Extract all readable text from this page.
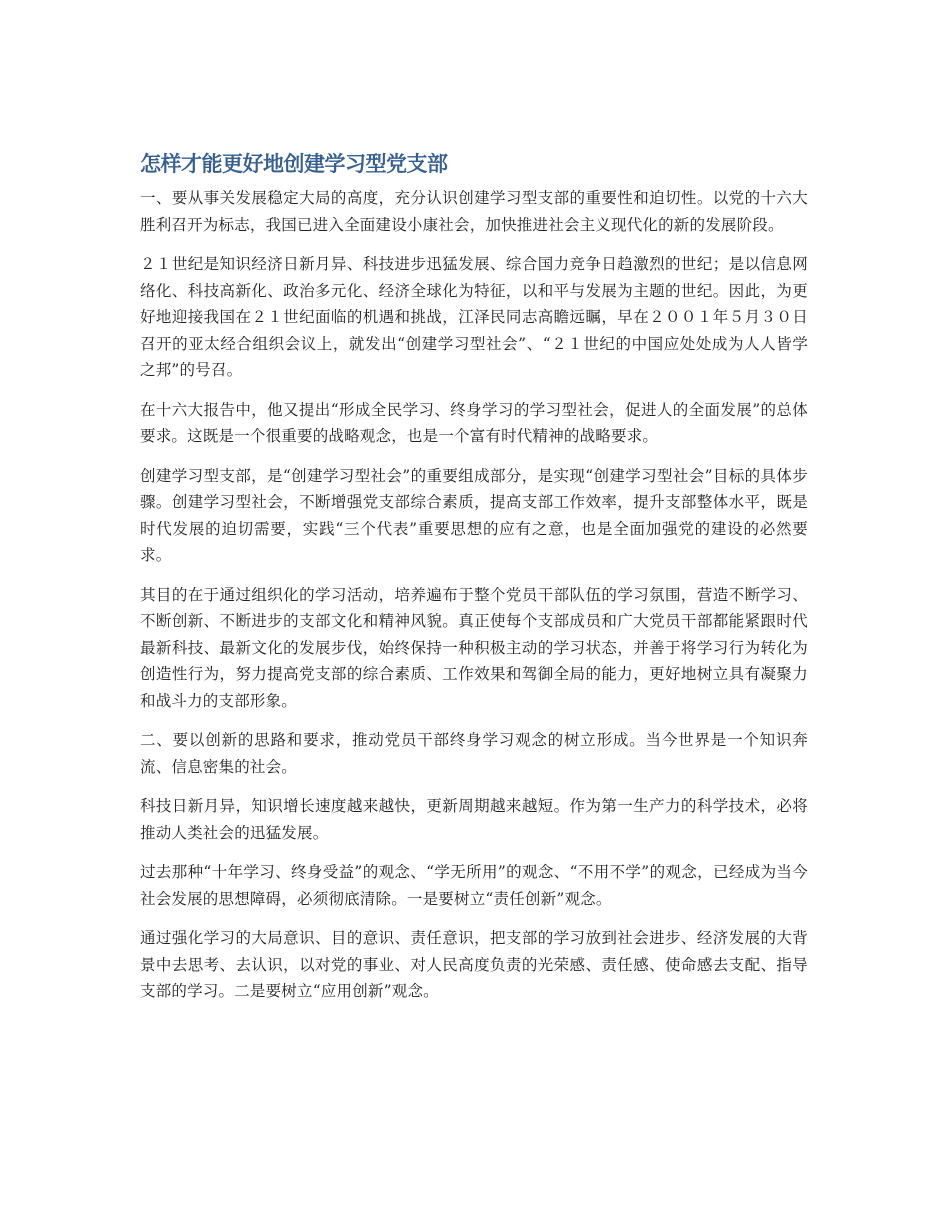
怎样才能更好地创建学习型党支部

一、要从事关发展稳定大局的高度，充分认识创建学习型支部的重要性和迫切性。以党的十六大胜利召开为标志，我国已进入全面建设小康社会，加快推进社会主义现代化的新的发展阶段。

２１世纪是知识经济日新月异、科技进步迅猛发展、综合国力竞争日趋激烈的世纪；是以信息网络化、科技高新化、政治多元化、经济全球化为特征，以和平与发展为主题的世纪。因此，为更好地迎接我国在２１世纪面临的机遇和挑战，江泽民同志高瞻远瞩，早在２００１年５月３０日召开的亚太经合组织会议上，就发出“创建学习型社会”、“２１世纪的中国应处处成为人人皆学之邦”的号召。

在十六大报告中，他又提出“形成全民学习、终身学习的学习型社会，促进人的全面发展”的总体要求。这既是一个很重要的战略观念，也是一个富有时代精神的战略要求。

创建学习型支部，是“创建学习型社会”的重要组成部分，是实现“创建学习型社会”目标的具体步骤。创建学习型社会，不断增强党支部综合素质，提高支部工作效率，提升支部整体水平，既是时代发展的迫切需要，实践“三个代表”重要思想的应有之意，也是全面加强党的建设的必然要求。

其目的在于通过组织化的学习活动，培养遍布于整个党员干部队伍的学习氛围，营造不断学习、不断创新、不断进步的支部文化和精神风貌。真正使每个支部成员和广大党员干部都能紧跟时代最新科技、最新文化的发展步伐，始终保持一种积极主动的学习状态，并善于将学习行为转化为创造性行为，努力提高党支部的综合素质、工作效果和驾御全局的能力，更好地树立具有凝聚力和战斗力的支部形象。

二、要以创新的思路和要求，推动党员干部终身学习观念的树立形成。当今世界是一个知识奔流、信息密集的社会。

科技日新月异，知识增长速度越来越快，更新周期越来越短。作为第一生产力的科学技术，必将推动人类社会的迅猛发展。

过去那种“十年学习、终身受益”的观念、“学无所用”的观念、“不用不学”的观念，已经成为当今社会发展的思想障碍，必须彻底清除。一是要树立“责任创新”观念。

通过强化学习的大局意识、目的意识、责任意识，把支部的学习放到社会进步、经济发展的大背景中去思考、去认识，以对党的事业、对人民高度负责的光荣感、责任感、使命感去支配、指导支部的学习。二是要树立“应用创新”观念。
